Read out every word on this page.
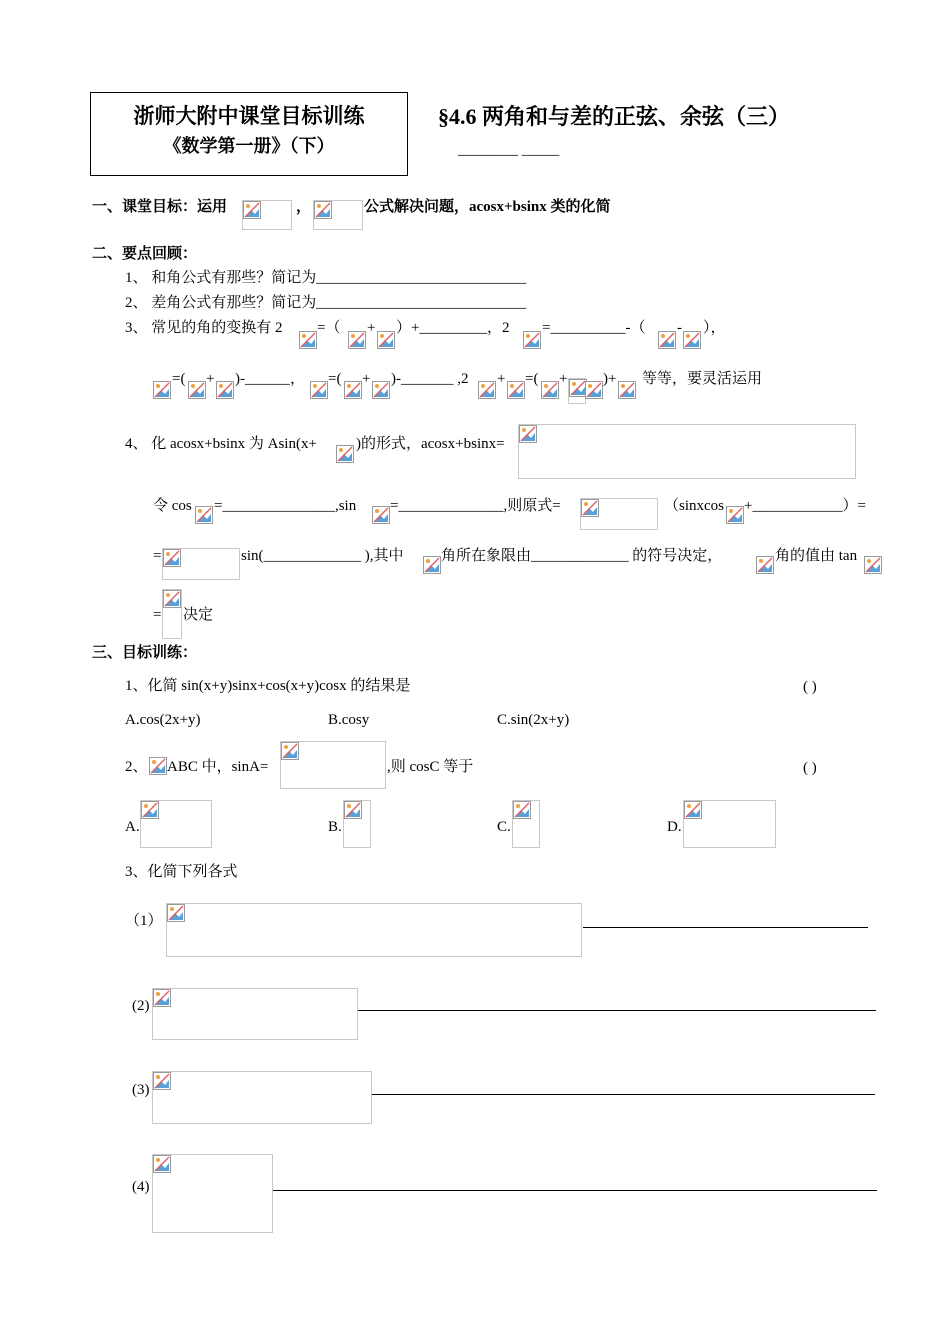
浙师大附中课堂目标训练
《数学第一册》（下）
§4.6 两角和与差的正弦、余弦（三）
________ _____
一、课堂目标：运用	，	公式解决问题，acosx+bsinx 类的化简
二、要点回顾：
1、 和角公式有那些？简记为____________________________
2、 差角公式有那些？简记为____________________________
3、 常见的角的变换有 2 =（ + ）+_________，2 =__________-（ - ），
=( + )-______， =( + )-_______ ,2 + =( + )+ 等等，要灵活运用
4、 化 acosx+bsinx 为 Asin(x+	)的形式，acosx+bsinx=
令 cos =_______________,sin =______________,则原式=	（sinxcos +____________）=
=	sin(_____________ ),其中	角所在象限由_____________ 的符号决定，	角的值由 tan
= 决定
三、目标训练：
1、化简 sin(x+y)sinx+cos(x+y)cosx 的结果是	( )
A.cos(2x+y)	B.cosy	C.sin(2x+y)
2、 ABC 中，sinA=	,则 cosC 等于	( )
A.	B.	C.	D.
3、化简下列各式
（1）
(2)
(3)
(4)
